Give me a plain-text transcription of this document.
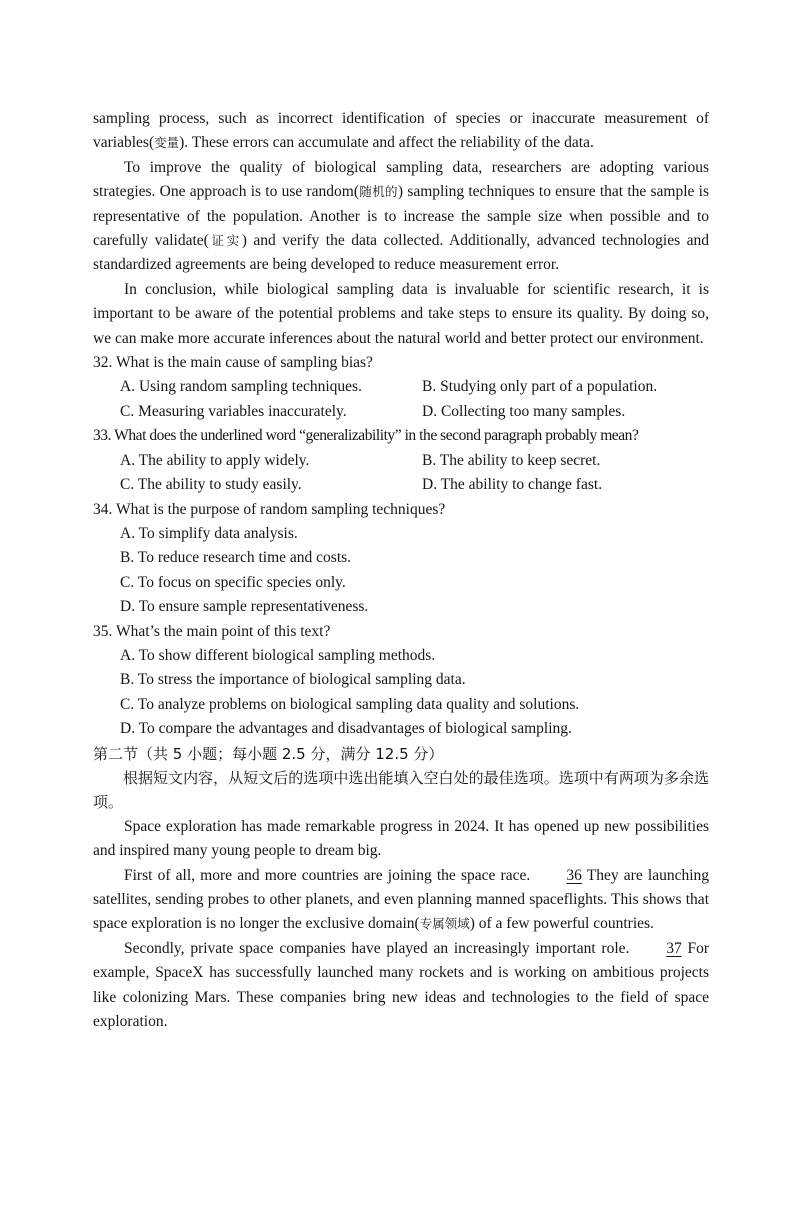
sampling process, such as incorrect identification of species or inaccurate measurement of variables(变量). These errors can accumulate and affect the reliability of the data.

To improve the quality of biological sampling data, researchers are adopting various strategies. One approach is to use random(随机的) sampling techniques to ensure that the sample is representative of the population. Another is to increase the sample size when possible and to carefully validate(证实) and verify the data collected. Additionally, advanced technologies and standardized agreements are being developed to reduce measurement error.

In conclusion, while biological sampling data is invaluable for scientific research, it is important to be aware of the potential problems and take steps to ensure its quality. By doing so, we can make more accurate inferences about the natural world and better protect our environment.

32. What is the main cause of sampling bias?
A. Using random sampling techniques.	B. Studying only part of a population.
C. Measuring variables inaccurately.	D. Collecting too many samples.
33. What does the underlined word “generalizability” in the second paragraph probably mean?
A. The ability to apply widely.	B. The ability to keep secret.
C. The ability to study easily.	D. The ability to change fast.
34. What is the purpose of random sampling techniques?
A. To simplify data analysis.
B. To reduce research time and costs.
C. To focus on specific species only.
D. To ensure sample representativeness.
35. What’s the main point of this text?
A. To show different biological sampling methods.
B. To stress the importance of biological sampling data.
C. To analyze problems on biological sampling data quality and solutions.
D. To compare the advantages and disadvantages of biological sampling.
第二节（共 5 小题；每小题 2.5 分，满分 12.5 分）
根据短文内容，从短文后的选项中选出能填入空白处的最佳选项。选项中有两项为多余选项。

Space exploration has made remarkable progress in 2024. It has opened up new possibilities and inspired many young people to dream big.

First of all, more and more countries are joining the space race. 36 They are launching satellites, sending probes to other planets, and even planning manned spaceflights. This shows that space exploration is no longer the exclusive domain(专属领域) of a few powerful countries.

Secondly, private space companies have played an increasingly important role. 37 For example, SpaceX has successfully launched many rockets and is working on ambitious projects like colonizing Mars. These companies bring new ideas and technologies to the field of space exploration.
